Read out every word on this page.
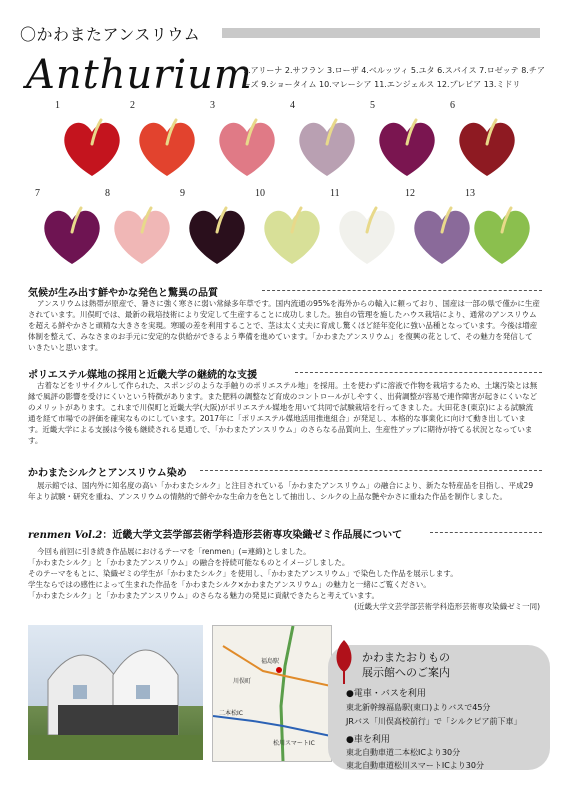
〇かわまたアンスリウム
Anthurium
1.アリーナ 2.サフラン 3.ローザ 4.ベルッツィ 5.ユタ 6.スパイス 7.ロゼッテ 8.チアーズ 9.ショータイム 10.マレーシア 11.エンジェルス 12.プレビア 13.ミドリ
1	2	3	4	5	6
7	8	9	10	11	12	13
気候が生み出す鮮やかな発色と驚異の品質
アンスリウムは熱帯が原産で、暑さに強く寒さに弱い常緑多年草です。国内流通の95%を海外からの輸入に頼っており、国産は一部の県で僅かに生産されています。川俣町では、最新の栽培技術により安定して生産することに成功しました。独自の管理を施したハウス栽培により、通常のアンスリウムを超える鮮やかさと頑精な大きさを実現。寒暖の差を利用することで、茎は太く丈夫に育成し驚くほど経年変化に強い品種となっています。今後は増産体制を整えて、みなさまのお手元に安定的な供給ができるよう準備を進めています。「かわまたアンスリウム」を復興の花として、その魅力を発信していきたいと思います。
ポリエステル媒地の採用と近畿大学の継続的な支援
古着などをリサイクルして作られた、スポンジのような手触りのポリエステル地」を採用。土を使わずに溶液で作物を栽培するため、土壌汚染とは無縁で風評の影響を受けにくいという特徴があります。また肥料の調整など育成のコントロールがしやすく、出荷調整が容易で連作障害が起きにくいなどのメリットがあります。これまで川俣町と近畿大学(大阪)がポリエステル媒地を用いて共同で試験栽培を行ってきました。大田花き(東京)による試験流通を経て市場での評価を確実なものにしています。2017年に「ポリエステル媒地活用推進組合」が発足し、本格的な事業化に向けて動き出しています。近畿大学による支援は今後も継続される見通しで、「かわまたアンスリウム」のさらなる品質向上、生産性アップに期待が持てる状況となっています。
かわまたシルクとアンスリウム染め
展示館では、国内外に知名度の高い「かわまたシルク」と注目されている「かわまたアンスリウム」の融合により、新たな特産品を目指し、平成29年より試験・研究を重ね、アンスリウムの情熱的で鮮やかな生命力を色として抽出し、シルクの上品な艶やかさに重ねた作品を制作しました。
renmen Vol.2：近畿大学文芸学部芸術学科造形芸術専攻染織ゼミ作品展について
今回も前回に引き続き作品展におけるテーマを「renmen」(=連綿)としました。
「かわまたシルク」と「かわまたアンスリウム」の融合を持続可能なものとイメージしました。
そのテーマをもとに、染織ゼミの学生が「かわまたシルク」を使用し、「かわまたアンスリウム」で染色した作品を展示します。
学生ならではの感性によって生まれた作品を「かわまたシルク×かわまたアンスリウム」の魅力と一緒にご覧ください。
「かわまたシルク」と「かわまたアンスリウム」のさらなる魅力の発見に貢献できたらと考えています。
(近畿大学文芸学部芸術学科造形芸術専攻染織ゼミ一同)
福島駅
二本松IC
川俣町
松川スマートIC
かわまたおりもの
展示館へのご案内
●電車・バスを利用
東北新幹線福島駅(東口)よりバスで45分
JRバス「川俣高校前行」で「シルクピア前下車」
●車を利用
東北自動車道二本松ICより30分
東北自動車道松川スマートICより30分
